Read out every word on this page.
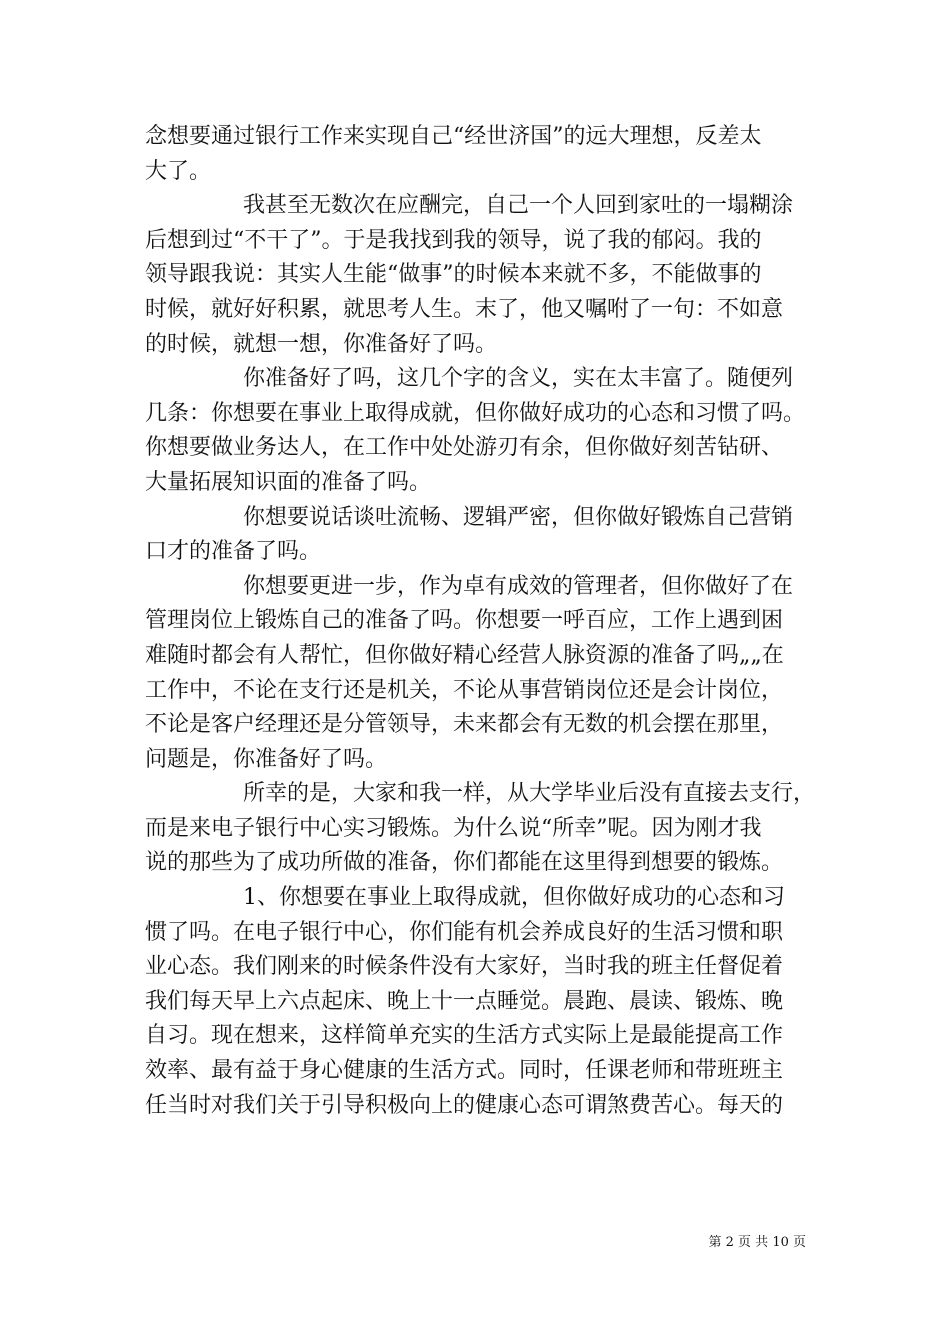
念想要通过银行工作来实现自己“经世济国”的远大理想，反差太
大了。
我甚至无数次在应酬完，自己一个人回到家吐的一塌糊涂
后想到过“不干了”。于是我找到我的领导，说了我的郁闷。我的
领导跟我说：其实人生能“做事”的时候本来就不多，不能做事的
时候，就好好积累，就思考人生。末了，他又嘱咐了一句：不如意
的时候，就想一想，你准备好了吗。
你准备好了吗，这几个字的含义，实在太丰富了。随便列
几条：你想要在事业上取得成就，但你做好成功的心态和习惯了吗。
你想要做业务达人，在工作中处处游刃有余，但你做好刻苦钻研、
大量拓展知识面的准备了吗。
你想要说话谈吐流畅、逻辑严密，但你做好锻炼自己营销
口才的准备了吗。
你想要更进一步，作为卓有成效的管理者，但你做好了在
管理岗位上锻炼自己的准备了吗。你想要一呼百应，工作上遇到困
难随时都会有人帮忙，但你做好精心经营人脉资源的准备了吗„„在
工作中，不论在支行还是机关，不论从事营销岗位还是会计岗位，
不论是客户经理还是分管领导，未来都会有无数的机会摆在那里，
问题是，你准备好了吗。
所幸的是，大家和我一样，从大学毕业后没有直接去支行，
而是来电子银行中心实习锻炼。为什么说“所幸”呢。因为刚才我
说的那些为了成功所做的准备，你们都能在这里得到想要的锻炼。
1、你想要在事业上取得成就，但你做好成功的心态和习
惯了吗。在电子银行中心，你们能有机会养成良好的生活习惯和职
业心态。我们刚来的时候条件没有大家好，当时我的班主任督促着
我们每天早上六点起床、晚上十一点睡觉。晨跑、晨读、锻炼、晚
自习。现在想来，这样简单充实的生活方式实际上是最能提高工作
效率、最有益于身心健康的生活方式。同时，任课老师和带班班主
任当时对我们关于引导积极向上的健康心态可谓煞费苦心。每天的
第 2 页 共 10 页
